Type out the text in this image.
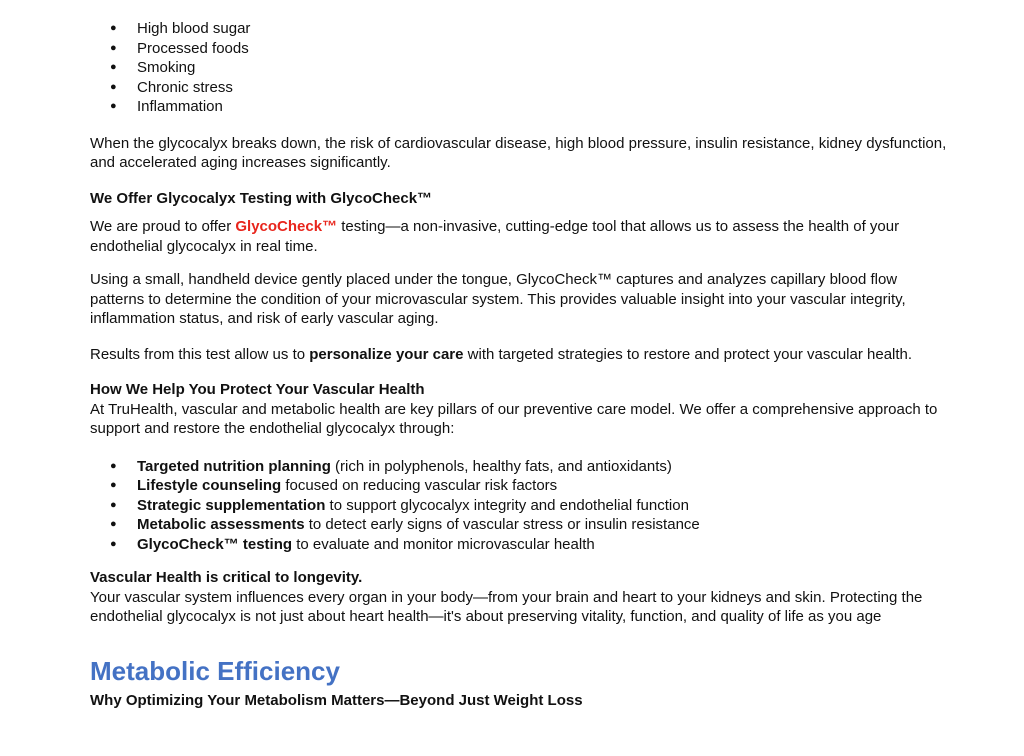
● High blood sugar
● Processed foods
● Smoking
● Chronic stress
● Inflammation

When the glycocalyx breaks down, the risk of cardiovascular disease, high blood pressure, insulin resistance, kidney dysfunction, and accelerated aging increases significantly.

We Offer Glycocalyx Testing with GlycoCheck™

We are proud to offer GlycoCheck™ testing—a non-invasive, cutting-edge tool that allows us to assess the health of your endothelial glycocalyx in real time.

Using a small, handheld device gently placed under the tongue, GlycoCheck™ captures and analyzes capillary blood flow patterns to determine the condition of your microvascular system. This provides valuable insight into your vascular integrity, inflammation status, and risk of early vascular aging.

Results from this test allow us to personalize your care with targeted strategies to restore and protect your vascular health.

How We Help You Protect Your Vascular Health

At TruHealth, vascular and metabolic health are key pillars of our preventive care model. We offer a comprehensive approach to support and restore the endothelial glycocalyx through:

● Targeted nutrition planning (rich in polyphenols, healthy fats, and antioxidants)
● Lifestyle counseling focused on reducing vascular risk factors
● Strategic supplementation to support glycocalyx integrity and endothelial function
● Metabolic assessments to detect early signs of vascular stress or insulin resistance
● GlycoCheck™ testing to evaluate and monitor microvascular health

Vascular Health is critical to longevity.

Your vascular system influences every organ in your body—from your brain and heart to your kidneys and skin. Protecting the endothelial glycocalyx is not just about heart health—it's about preserving vitality, function, and quality of life as you age

Metabolic Efficiency

Why Optimizing Your Metabolism Matters—Beyond Just Weight Loss
